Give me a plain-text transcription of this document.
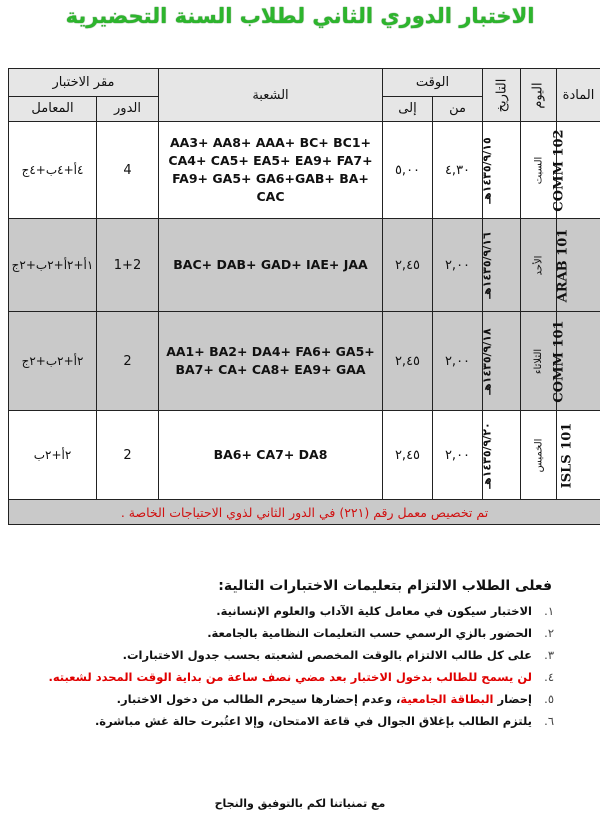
الاختبار الدوري الثاني لطلاب السنة التحضيرية
المادة	اليوم	التاريخ	الوقت		الشعبة	مقر الاختبار	
			من	إلى		الدور	المعامل
COMM 102	السبت	١٤٣٥/٩/١٥هـ	٤,٣٠	٥,٠٠	AA3+ AA8+ AAA+ BC+ BC1+ CA4+ CA5+ EA5+ EA9+ FA7+ FA9+ GA5+ GA6+GAB+ BA+ CAC	4	٤أ+٤ب+٤ج
ARAB 101	الأحد	١٤٣٥/٩/١٦هـ	٢,٠٠	٢,٤٥	BAC+ DAB+ GAD+ IAE+ JAA	1+2	١أ+٢أ+٢ب+٢ج
COMM 101	الثلاثاء	١٤٣٥/٩/١٨هـ	٢,٠٠	٢,٤٥	AA1+ BA2+ DA4+ FA6+ GA5+ BA7+ CA+ CA8+ EA9+ GAA	2	٢أ+٢ب+٢ج
ISLS 101	الخميس	١٤٣٥/٩/٢٠هـ	٢,٠٠	٢,٤٥	BA6+ CA7+ DA8	2	٢أ+٢ب
تم تخصيص معمل رقم (٢٢١) في الدور الثاني لذوي الاحتياجات الخاصة .							
فعلى الطلاب الالتزام بتعليمات الاختبارات التالية:
١.الاختبار سيكون في معامل كلية الآداب والعلوم الإنسانية.
٢.الحضور بالزي الرسمي حسب التعليمات النظامية بالجامعة.
٣.على كل طالب الالتزام بالوقت المخصص لشعبته بحسب جدول الاختبارات.
٤.لن يسمح للطالب بدخول الاختبار بعد مضي نصف ساعة من بداية الوقت المحدد لشعبته.
٥.إحضار البطاقة الجامعية، وعدم إحضارها سيحرم الطالب من دخول الاختبار.
٦.يلتزم الطالب بإغلاق الجوال في قاعة الامتحان، وإلا اعتُبرت حالة غش مباشرة.
مع تمنياتنا لكم بالتوفيق والنجاح
